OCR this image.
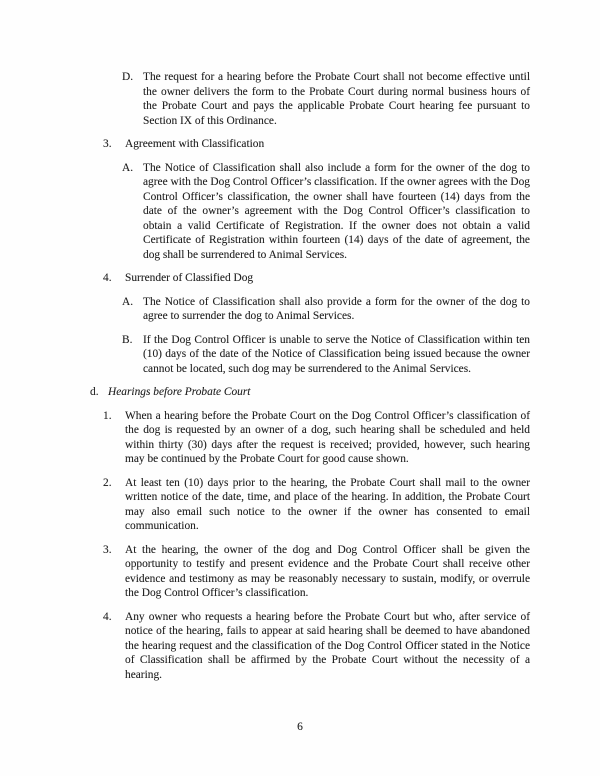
D. The request for a hearing before the Probate Court shall not become effective until the owner delivers the form to the Probate Court during normal business hours of the Probate Court and pays the applicable Probate Court hearing fee pursuant to Section IX of this Ordinance.
3.	Agreement with Classification
A. The Notice of Classification shall also include a form for the owner of the dog to agree with the Dog Control Officer’s classification. If the owner agrees with the Dog Control Officer’s classification, the owner shall have fourteen (14) days from the date of the owner’s agreement with the Dog Control Officer’s classification to obtain a valid Certificate of Registration. If the owner does not obtain a valid Certificate of Registration within fourteen (14) days of the date of agreement, the dog shall be surrendered to Animal Services.
4.	Surrender of Classified Dog
A. The Notice of Classification shall also provide a form for the owner of the dog to agree to surrender the dog to Animal Services.
B. If the Dog Control Officer is unable to serve the Notice of Classification within ten (10) days of the date of the Notice of Classification being issued because the owner cannot be located, such dog may be surrendered to the Animal Services.
d. Hearings before Probate Court
1.	When a hearing before the Probate Court on the Dog Control Officer’s classification of the dog is requested by an owner of a dog, such hearing shall be scheduled and held within thirty (30) days after the request is received; provided, however, such hearing may be continued by the Probate Court for good cause shown.
2.	At least ten (10) days prior to the hearing, the Probate Court shall mail to the owner written notice of the date, time, and place of the hearing. In addition, the Probate Court may also email such notice to the owner if the owner has consented to email communication.
3.	At the hearing, the owner of the dog and Dog Control Officer shall be given the opportunity to testify and present evidence and the Probate Court shall receive other evidence and testimony as may be reasonably necessary to sustain, modify, or overrule the Dog Control Officer’s classification.
4.	Any owner who requests a hearing before the Probate Court but who, after service of notice of the hearing, fails to appear at said hearing shall be deemed to have abandoned the hearing request and the classification of the Dog Control Officer stated in the Notice of Classification shall be affirmed by the Probate Court without the necessity of a hearing.
6
